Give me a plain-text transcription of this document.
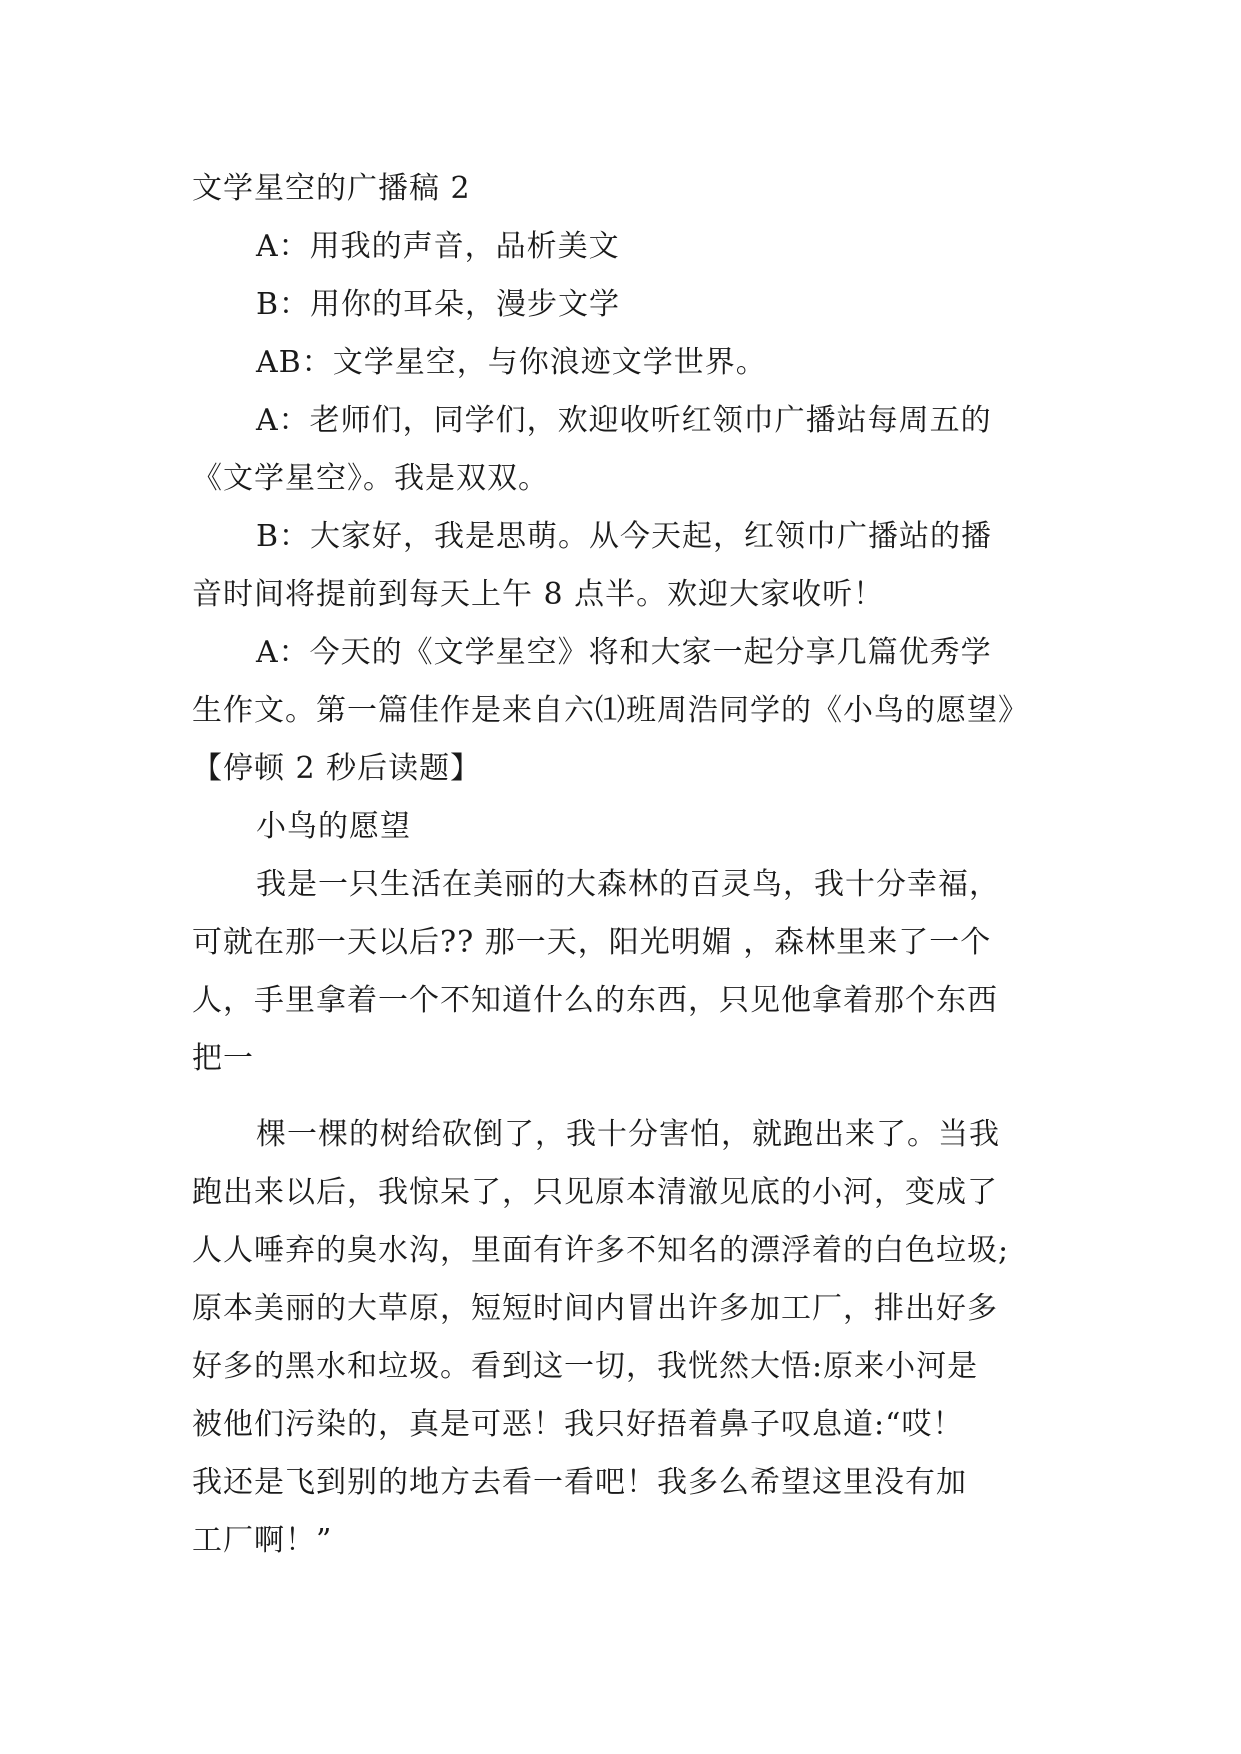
文学星空的广播稿 2
A：用我的声音，品析美文
B：用你的耳朵，漫步文学
AB：文学星空，与你浪迹文学世界。
A：老师们，同学们，欢迎收听红领巾广播站每周五的
《文学星空》。我是双双。
B：大家好，我是思萌。从今天起，红领巾广播站的播
音时间将提前到每天上午 8 点半。欢迎大家收听！
A：今天的《文学星空》将和大家一起分享几篇优秀学
生作文。第一篇佳作是来自六⑴班周浩同学的《小鸟的愿望》
【停顿 2 秒后读题】
小鸟的愿望
我是一只生活在美丽的大森林的百灵鸟，我十分幸福，
可就在那一天以后?? 那一天，阳光明媚 ，森林里来了一个
人，手里拿着一个不知道什么的东西，只见他拿着那个东西
把一
棵一棵的树给砍倒了，我十分害怕，就跑出来了。当我
跑出来以后，我惊呆了，只见原本清澈见底的小河，变成了
人人唾弃的臭水沟，里面有许多不知名的漂浮着的白色垃圾;
原本美丽的大草原，短短时间内冒出许多加工厂，排出好多
好多的黑水和垃圾。看到这一切，我恍然大悟:原来小河是
被他们污染的，真是可恶！我只好捂着鼻子叹息道:“哎！
我还是飞到别的地方去看一看吧！我多么希望这里没有加
工厂啊！”
